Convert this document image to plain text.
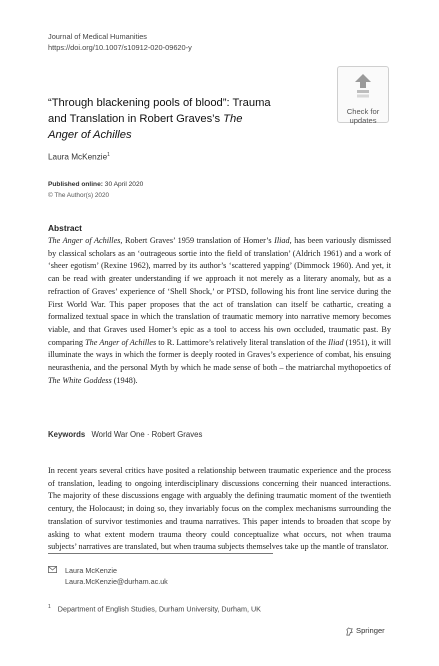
Journal of Medical Humanities
https://doi.org/10.1007/s10912-020-09620-y
Check for
updates
“Through blackening pools of blood”: Trauma
and Translation in Robert Graves’s The
Anger of Achilles
Laura McKenzie$^1$
Published online: 30 April 2020
© The Author(s) 2020
Abstract
The Anger of Achilles, Robert Graves’ 1959 translation of Homer’s Iliad, has been variously dismissed by classical scholars as an ‘outrageous sortie into the field of translation’ (Aldrich 1961) and a work of ‘sheer egotism’ (Rexine 1962), marred by its author’s ‘scattered yapping’ (Dimmock 1960). And yet, it can be read with greater understanding if we approach it not merely as a literary anomaly, but as a refraction of Graves’ experience of ‘Shell Shock,’ or PTSD, following his front line service during the First World War. This paper proposes that the act of translation can itself be cathartic, creating a formalized textual space in which the translation of traumatic memory into narrative memory becomes viable, and that Graves used Homer’s epic as a tool to access his own occluded, traumatic past. By comparing The Anger of Achilles to R. Lattimore’s relatively literal translation of the Iliad (1951), it will illuminate the ways in which the former is deeply rooted in Graves’s experience of combat, his ensuing neurasthenia, and the personal Myth by which he made sense of both – the matriarchal mythopoetics of The White Goddess (1948).
Keywords World War One · Robert Graves
In recent years several critics have posited a relationship between traumatic experience and the process of translation, leading to ongoing interdisciplinary discussions concerning their nuanced interactions. The majority of these discussions engage with arguably the defining traumatic moment of the twentieth century, the Holocaust; in doing so, they invariably focus on the complex mechanisms surrounding the translation of survivor testimonies and trauma narratives. This paper intends to broaden that scope by asking to what extent modern trauma theory could conceptualize what occurs, not when trauma subjects’ narratives are translated, but when trauma subjects themselves take up the mantle of translator.

Laura McKenzie
Laura.McKenzie@durham.ac.uk
$^1$ Department of English Studies, Durham University, Durham, UK
Springer
